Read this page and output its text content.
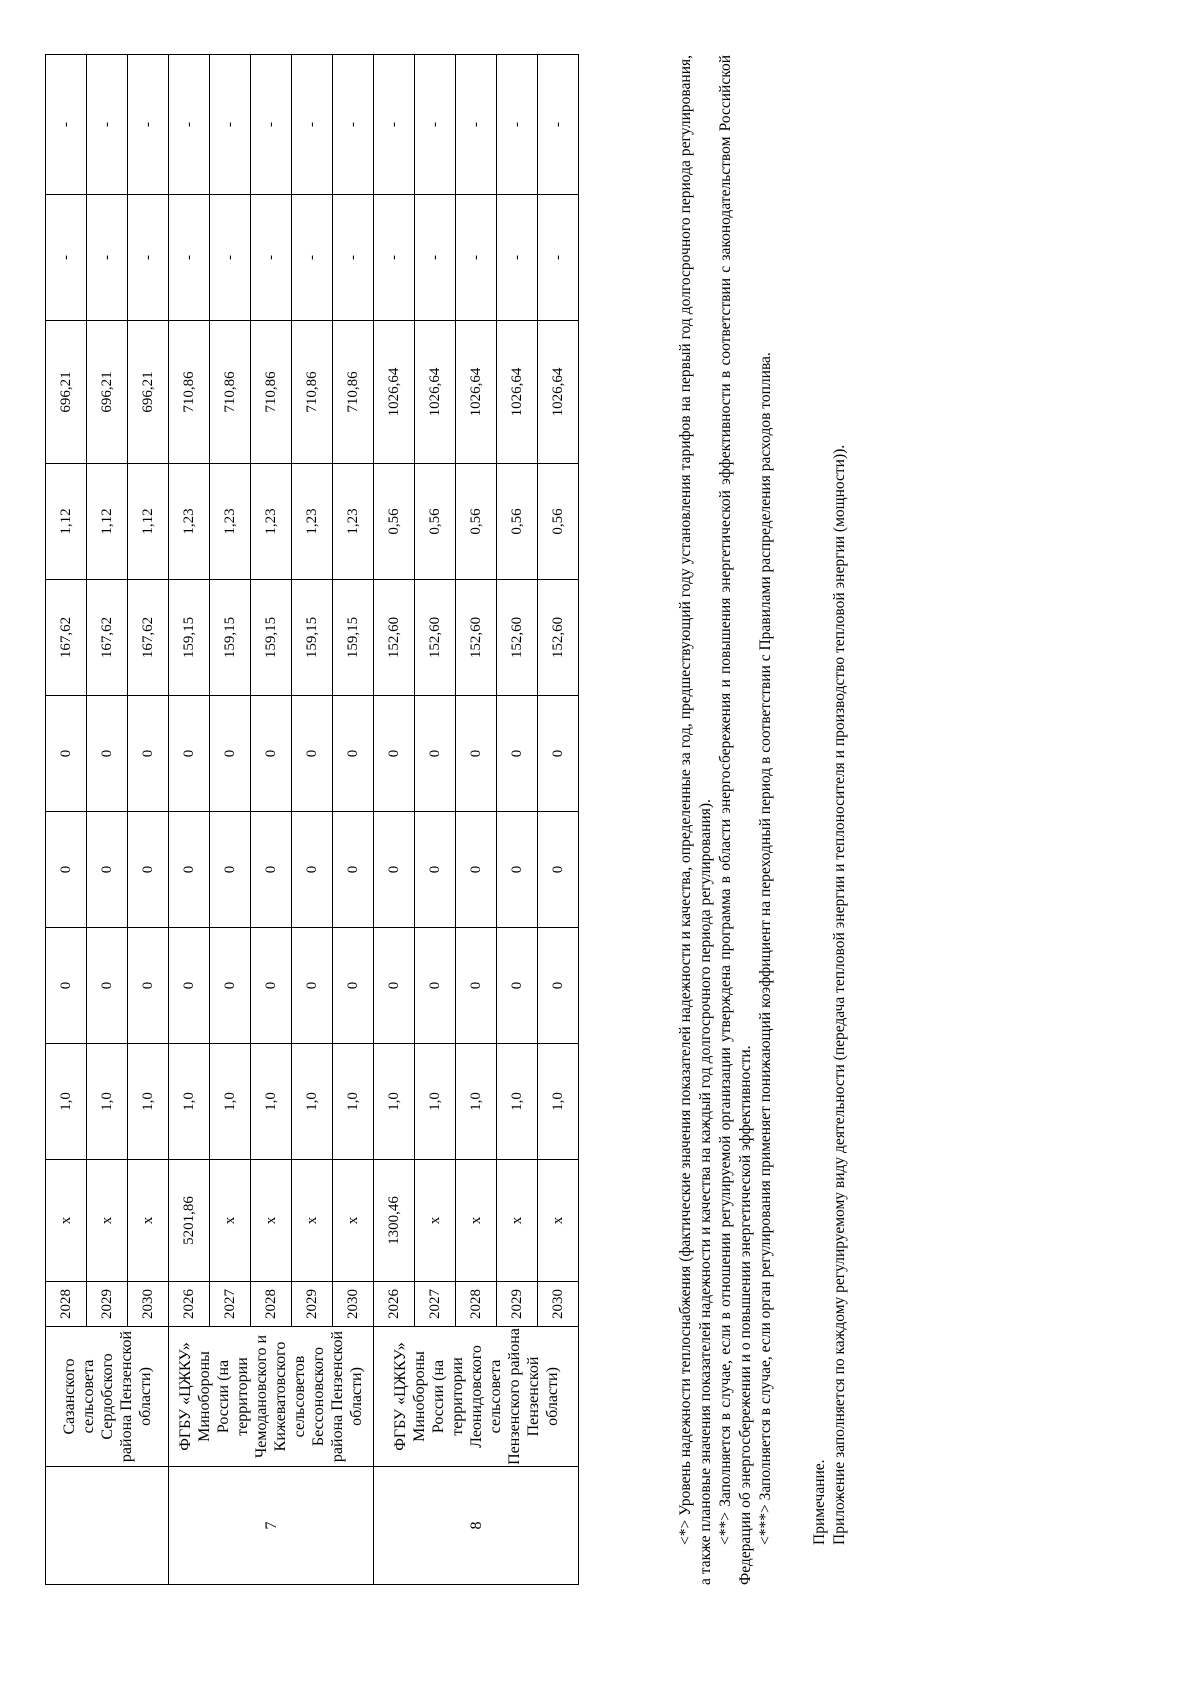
	Сазанского сельсовета Сердобского района Пензенской области)	2028	x	1,0	0	0	0	167,62	1,12	696,21	-	-
		2029	x	1,0	0	0	0	167,62	1,12	696,21	-	-
		2030	x	1,0	0	0	0	167,62	1,12	696,21	-	-
7	ФГБУ «ЦЖКУ» Минобороны России (на территории Чемодановского и Кижеватовского сельсоветов Бессоновского района Пензенской области)	2026	5201,86	1,0	0	0	0	159,15	1,23	710,86	-	-
		2027	x	1,0	0	0	0	159,15	1,23	710,86	-	-
		2028	x	1,0	0	0	0	159,15	1,23	710,86	-	-
		2029	x	1,0	0	0	0	159,15	1,23	710,86	-	-
		2030	x	1,0	0	0	0	159,15	1,23	710,86	-	-
8	ФГБУ «ЦЖКУ» Минобороны России (на территории Леонидовского сельсовета Пензенского района Пензенской области)	2026	1300,46	1,0	0	0	0	152,60	0,56	1026,64	-	-
		2027	x	1,0	0	0	0	152,60	0,56	1026,64	-	-
		2028	x	1,0	0	0	0	152,60	0,56	1026,64	-	-
		2029	x	1,0	0	0	0	152,60	0,56	1026,64	-	-
		2030	x	1,0	0	0	0	152,60	0,56	1026,64	-	-	<*> Уровень надежности теплоснабжения (фактические значения показателей надежности и качества, определенные за год, предшествующий году установления тарифов на первый год долгосрочного периода регулирования, а также плановые значения показателей надежности и качества на каждый год долгосрочного периода регулирования). <**> Заполняется в случае, если в отношении регулируемой организации утверждена программа в области энергосбережения и повышения энергетической эффективности в соответствии с законодательством Российской Федерации об энергосбережении и о повышении энергетической эффективности. <***> Заполняется в случае, если орган регулирования применяет понижающий коэффициент на переходный период в соответствии с Правилами распределения расходов топлива. Примечание. Приложение заполняется по каждому регулируемому виду деятельности (передача тепловой энергии и теплоносителя и производство тепловой энергии (мощности)).
